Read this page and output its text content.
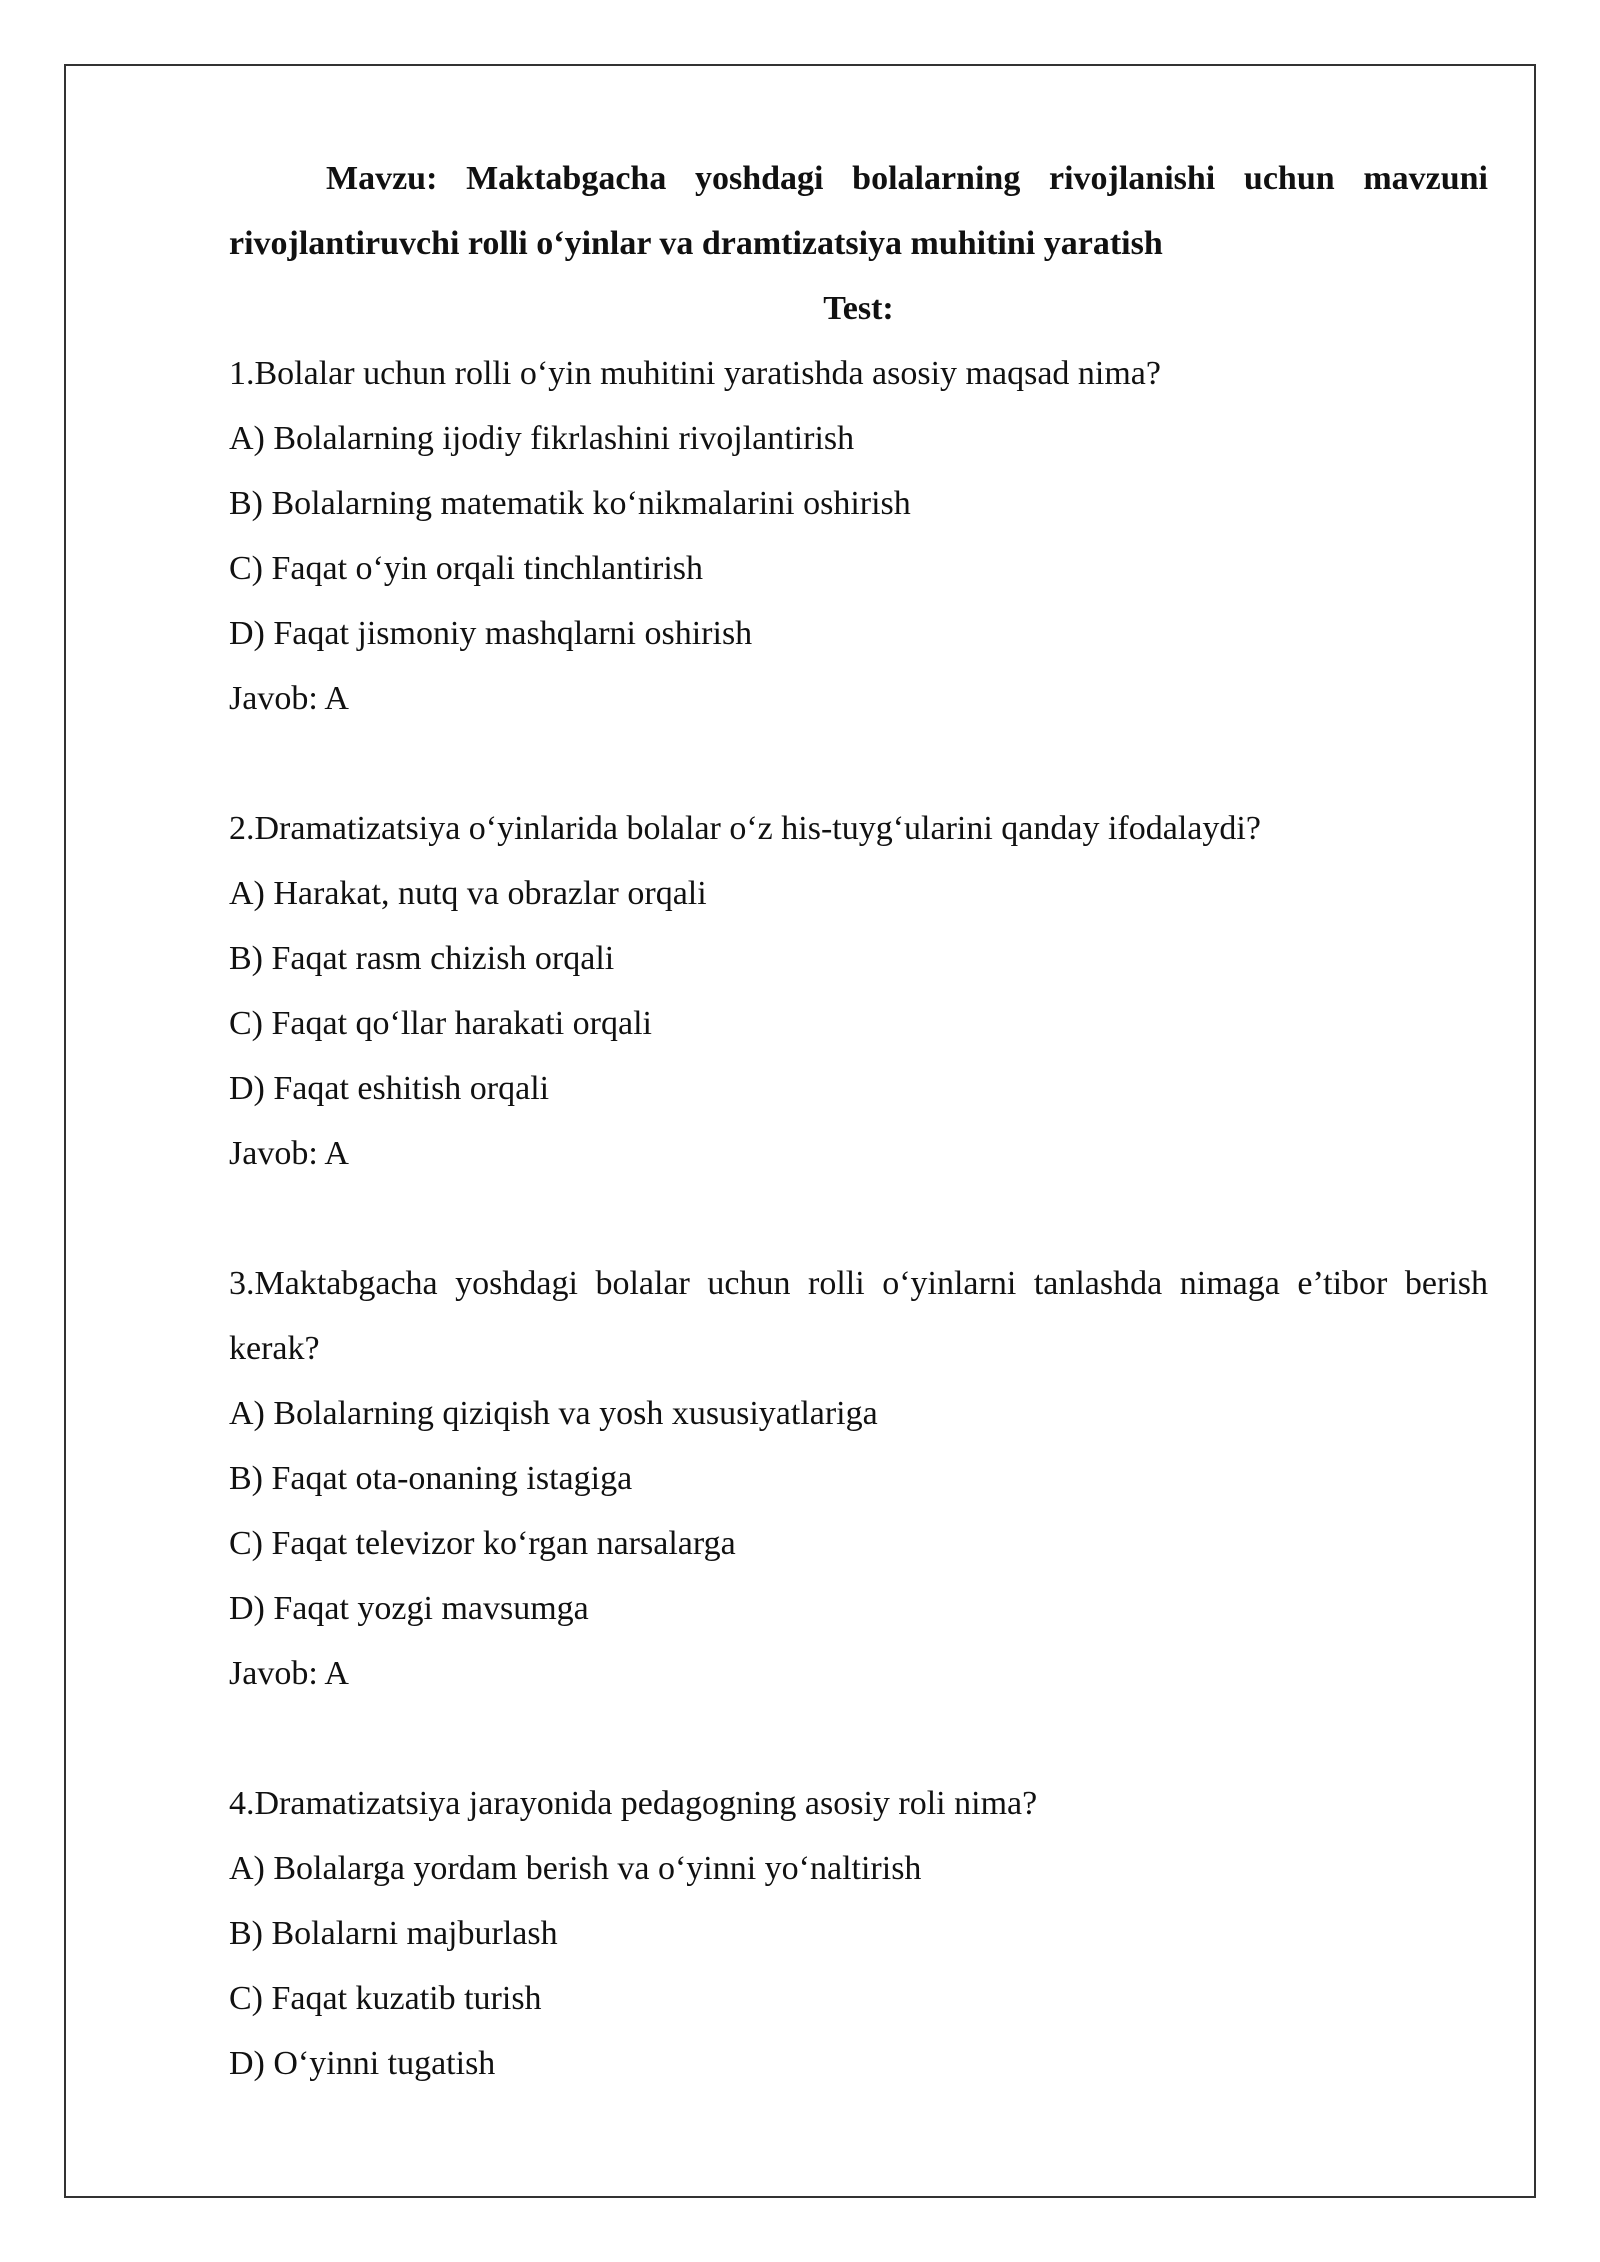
Mavzu: Maktabgacha yoshdagi bolalarning rivojlanishi uchun mavzuni rivojlantiruvchi rolli o‘yinlar va dramtizatsiya muhitini yaratish
Test:
1.Bolalar uchun rolli o‘yin muhitini yaratishda asosiy maqsad nima?
A) Bolalarning ijodiy fikrlashini rivojlantirish
B) Bolalarning matematik ko‘nikmalarini oshirish
C) Faqat o‘yin orqali tinchlantirish
D) Faqat jismoniy mashqlarni oshirish
Javob: A
2.Dramatizatsiya o‘yinlarida bolalar o‘z his-tuyg‘ularini qanday ifodalaydi?
A) Harakat, nutq va obrazlar orqali
B) Faqat rasm chizish orqali
C) Faqat qo‘llar harakati orqali
D) Faqat eshitish orqali
Javob: A
3.Maktabgacha yoshdagi bolalar uchun rolli o‘yinlarni tanlashda nimaga e’tibor berish kerak?
A) Bolalarning qiziqish va yosh xususiyatlariga
B) Faqat ota-onaning istagiga
C) Faqat televizor ko‘rgan narsalarga
D) Faqat yozgi mavsumga
Javob: A
4.Dramatizatsiya jarayonida pedagogning asosiy roli nima?
A) Bolalarga yordam berish va o‘yinni yo‘naltirish
B) Bolalarni majburlash
C) Faqat kuzatib turish
D) O‘yinni tugatish
